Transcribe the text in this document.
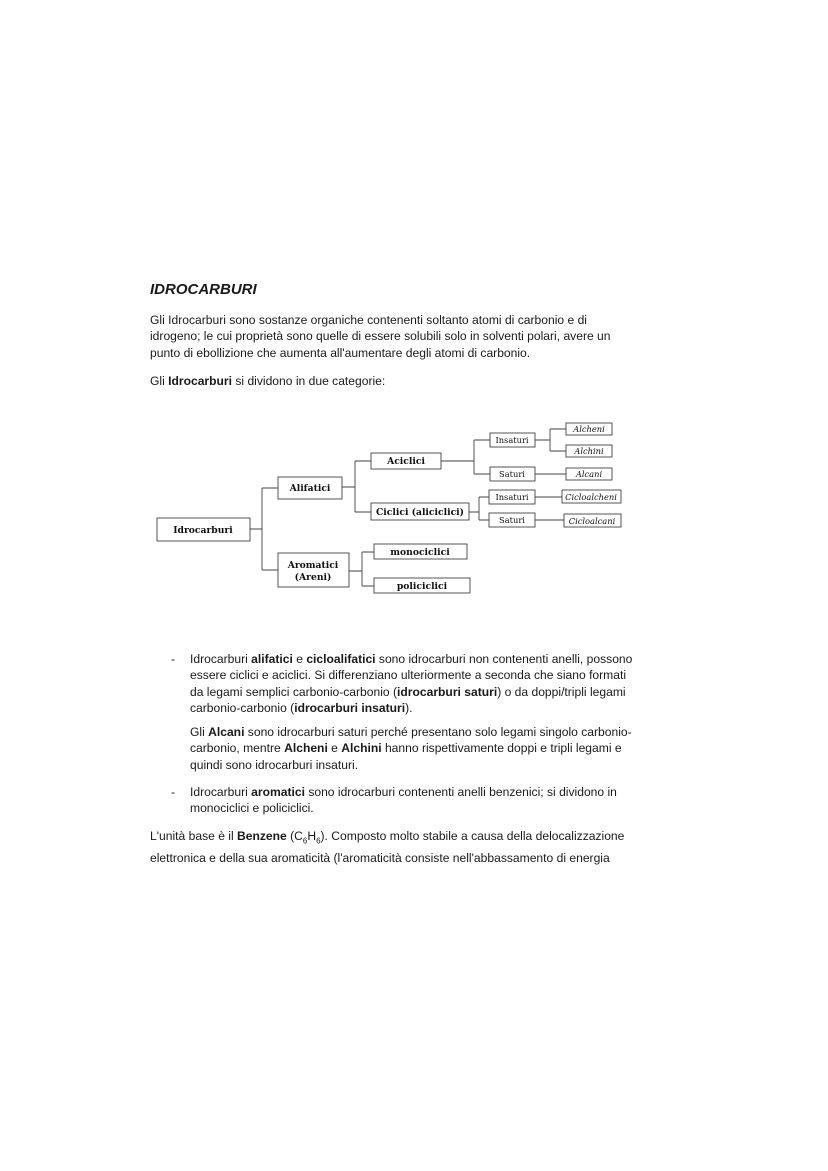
IDROCARBURI
Gli Idrocarburi sono sostanze organiche contenenti soltanto atomi di carbonio e di
idrogeno; le cui proprietà sono quelle di essere solubili solo in solventi polari, avere un
punto di ebollizione che aumenta all'aumentare degli atomi di carbonio.
Gli Idrocarburi si dividono in due categorie:
Idrocarburi
Alifatici
Aromatici
(Areni)
Aciclici
Ciclici (aliciclici)
monociclici
policiclici
Insaturi
Saturi
Insaturi
Saturi
Alcheni
Alchini
Alcani
Cicloalcheni
Cicloalcani
- Idrocarburi alifatici e cicloalifatici sono idrocarburi non contenenti anelli, possono
essere ciclici e aciclici. Si differenziano ulteriormente a seconda che siano formati
da legami semplici carbonio-carbonio (idrocarburi saturi) o da doppi/tripli legami
carbonio-carbonio (idrocarburi insaturi).
Gli Alcani sono idrocarburi saturi perché presentano solo legami singolo carbonio-
carbonio, mentre Alcheni e Alchini hanno rispettivamente doppi e tripli legami e
quindi sono idrocarburi insaturi.
- Idrocarburi aromatici sono idrocarburi contenenti anelli benzenici; si dividono in
monociclici e policiclici.
L'unità base è il Benzene $(C_6H_6)$. Composto molto stabile a causa della delocalizzazione
elettronica e della sua aromaticità (l'aromaticità consiste nell'abbassamento di energia
